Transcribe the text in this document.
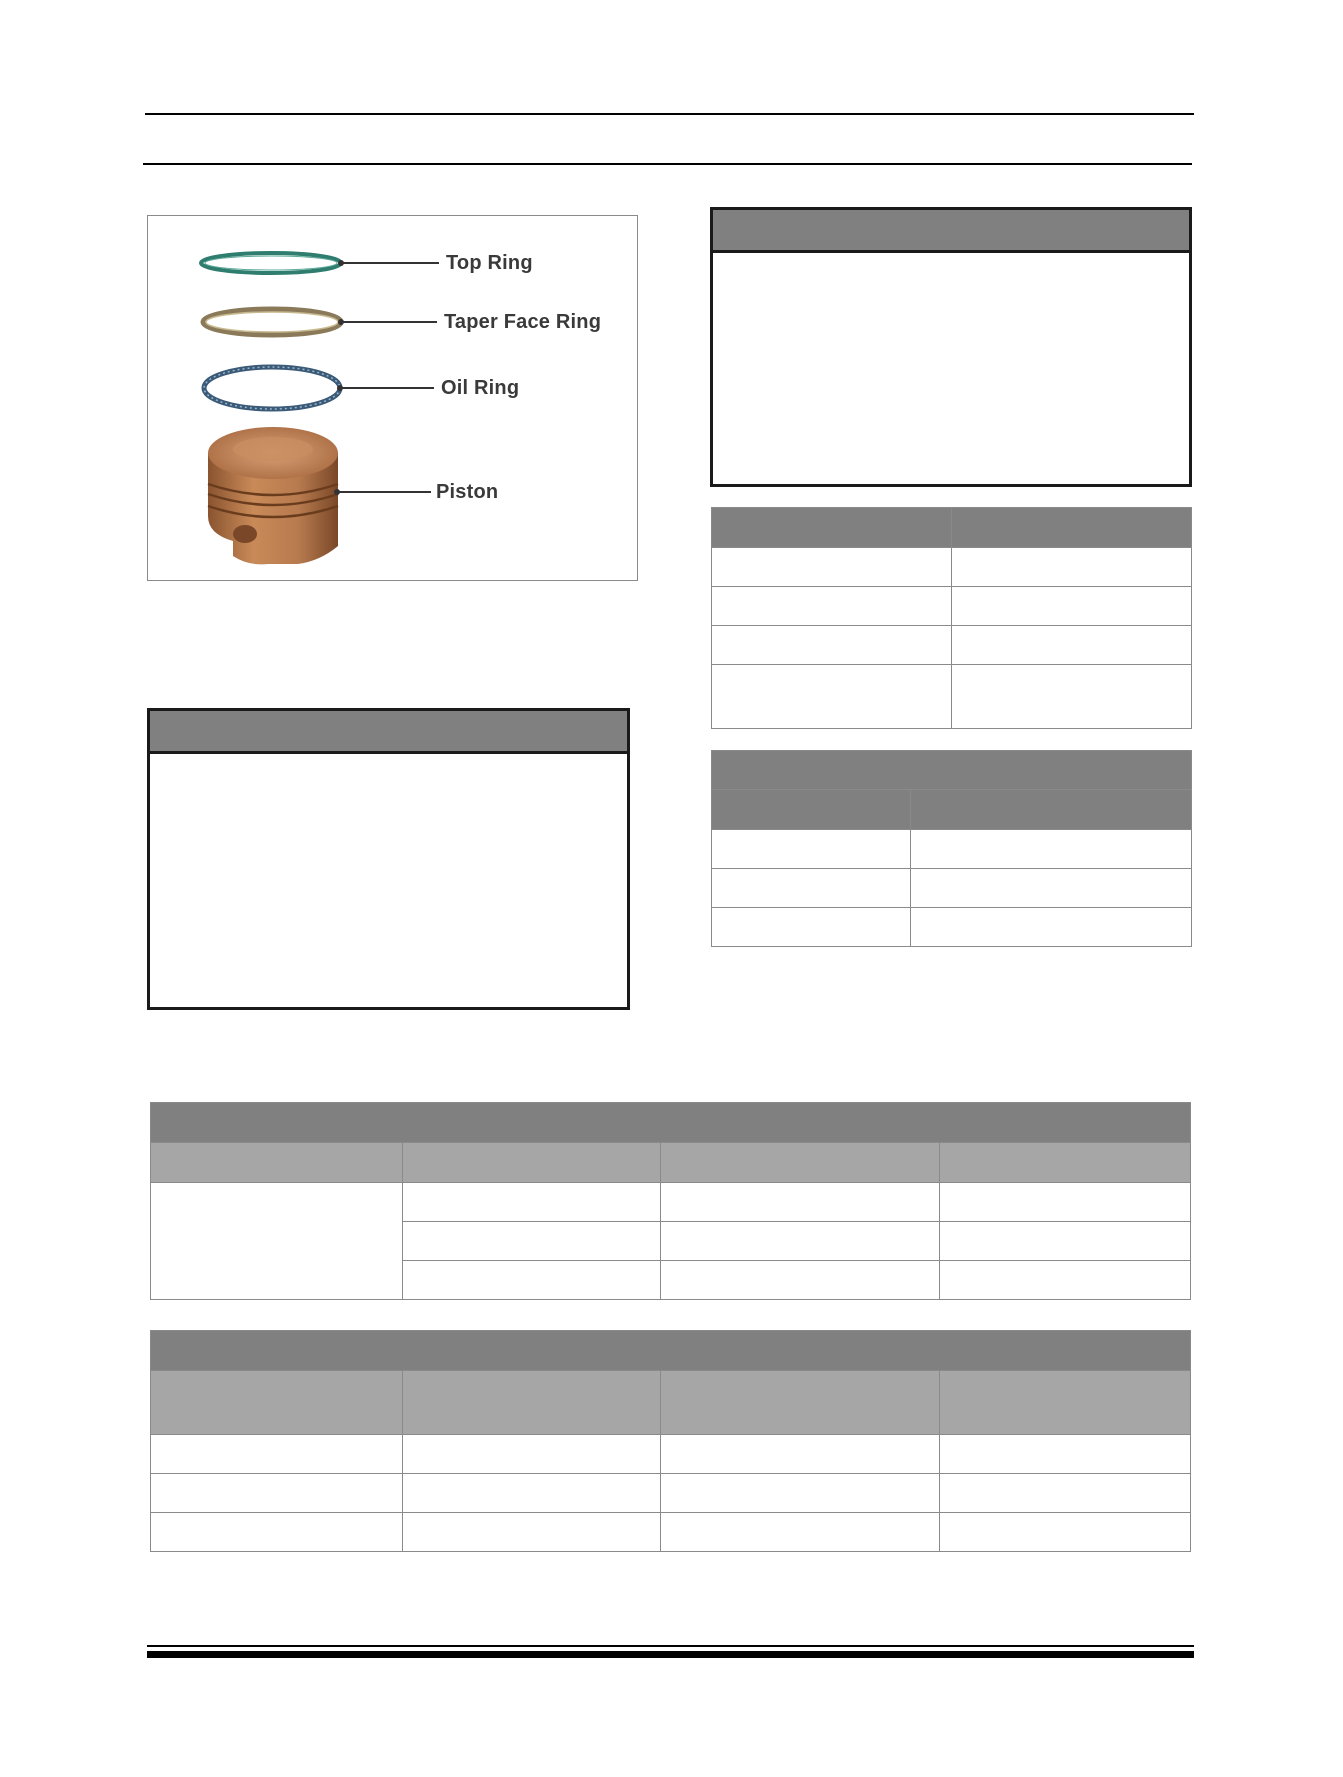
Top Ring
Taper Face Ring
Oil Ring
Piston
